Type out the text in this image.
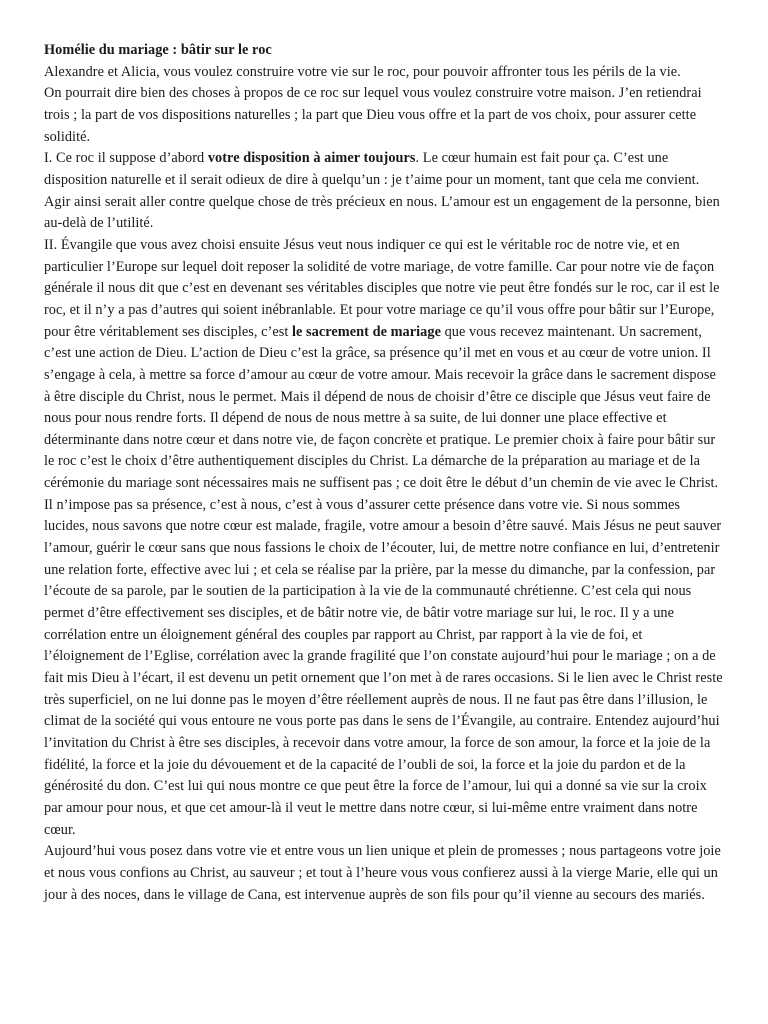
Homélie du mariage : bâtir sur le roc

Alexandre et Alicia, vous voulez construire votre vie sur le roc, pour pouvoir affronter tous les périls de la vie.

On pourrait dire bien des choses à propos de ce roc sur lequel vous voulez construire votre maison. J’en retiendrai trois ; la part de vos dispositions naturelles ; la part que Dieu vous offre et la part de vos choix, pour assurer cette solidité.

I. Ce roc il suppose d’abord votre disposition à aimer toujours. Le cœur humain est fait pour ça. C’est une disposition naturelle et il serait odieux de dire à quelqu’un : je t’aime pour un moment, tant que cela me convient. Agir ainsi serait aller contre quelque chose de très précieux en nous. L’amour est un engagement de la personne, bien au-delà de l’utilité.

II. Évangile que vous avez choisi ensuite Jésus veut nous indiquer ce qui est le véritable roc de notre vie, et en particulier l’Europe sur lequel doit reposer la solidité de votre mariage, de votre famille. Car pour notre vie de façon générale il nous dit que c’est en devenant ses véritables disciples que notre vie peut être fondés sur le roc, car il est le roc, et il n’y a pas d’autres qui soient inébranlable. Et pour votre mariage ce qu’il vous offre pour bâtir sur l’Europe, pour être véritablement ses disciples, c’est le sacrement de mariage que vous recevez maintenant. Un sacrement, c’est une action de Dieu. L’action de Dieu c’est la grâce, sa présence qu’il met en vous et au cœur de votre union. Il s’engage à cela, à mettre sa force d’amour au cœur de votre amour. Mais recevoir la grâce dans le sacrement dispose à être disciple du Christ, nous le permet. Mais il dépend de nous de choisir d’être ce disciple que Jésus veut faire de nous pour nous rendre forts. Il dépend de nous de nous mettre à sa suite, de lui donner une place effective et déterminante dans notre cœur et dans notre vie, de façon concrète et pratique. Le premier choix à faire pour bâtir sur le roc c’est le choix d’être authentiquement disciples du Christ. La démarche de la préparation au mariage et de la cérémonie du mariage sont nécessaires mais ne suffisent pas ; ce doit être le début d’un chemin de vie avec le Christ. Il n’impose pas sa présence, c’est à nous, c’est à vous d’assurer cette présence dans votre vie. Si nous sommes lucides, nous savons que notre cœur est malade, fragile, votre amour a besoin d’être sauvé. Mais Jésus ne peut sauver l’amour, guérir le cœur sans que nous fassions le choix de l’écouter, lui, de mettre notre confiance en lui, d’entretenir une relation forte, effective avec lui ; et cela se réalise par la prière, par la messe du dimanche, par la confession, par l’écoute de sa parole, par le soutien de la participation à la vie de la communauté chrétienne. C’est cela qui nous permet d’être effectivement ses disciples, et de bâtir notre vie, de bâtir votre mariage sur lui, le roc. Il y a une corrélation entre un éloignement général des couples par rapport au Christ, par rapport à la vie de foi, et l’éloignement de l’Eglise, corrélation avec la grande fragilité que l’on constate aujourd’hui pour le mariage ; on a de fait mis Dieu à l’écart, il est devenu un petit ornement que l’on met à de rares occasions. Si le lien avec le Christ reste très superficiel, on ne lui donne pas le moyen d’être réellement auprès de nous. Il ne faut pas être dans l’illusion, le climat de la société qui vous entoure ne vous porte pas dans le sens de l’Évangile, au contraire. Entendez aujourd’hui l’invitation du Christ à être ses disciples, à recevoir dans votre amour, la force de son amour, la force et la joie de la fidélité, la force et la joie du dévouement et de la capacité de l’oubli de soi, la force et la joie du pardon et de la générosité du don. C’est lui qui nous montre ce que peut être la force de l’amour, lui qui a donné sa vie sur la croix par amour pour nous, et que cet amour-là il veut le mettre dans notre cœur, si lui-même entre vraiment dans notre cœur.

Aujourd’hui vous posez dans votre vie et entre vous un lien unique et plein de promesses ; nous partageons votre joie et nous vous confions au Christ, au sauveur ; et tout à l’heure vous vous confierez aussi à la vierge Marie, elle qui un jour à des noces, dans le village de Cana, est intervenue auprès de son fils pour qu’il vienne au secours des mariés.
